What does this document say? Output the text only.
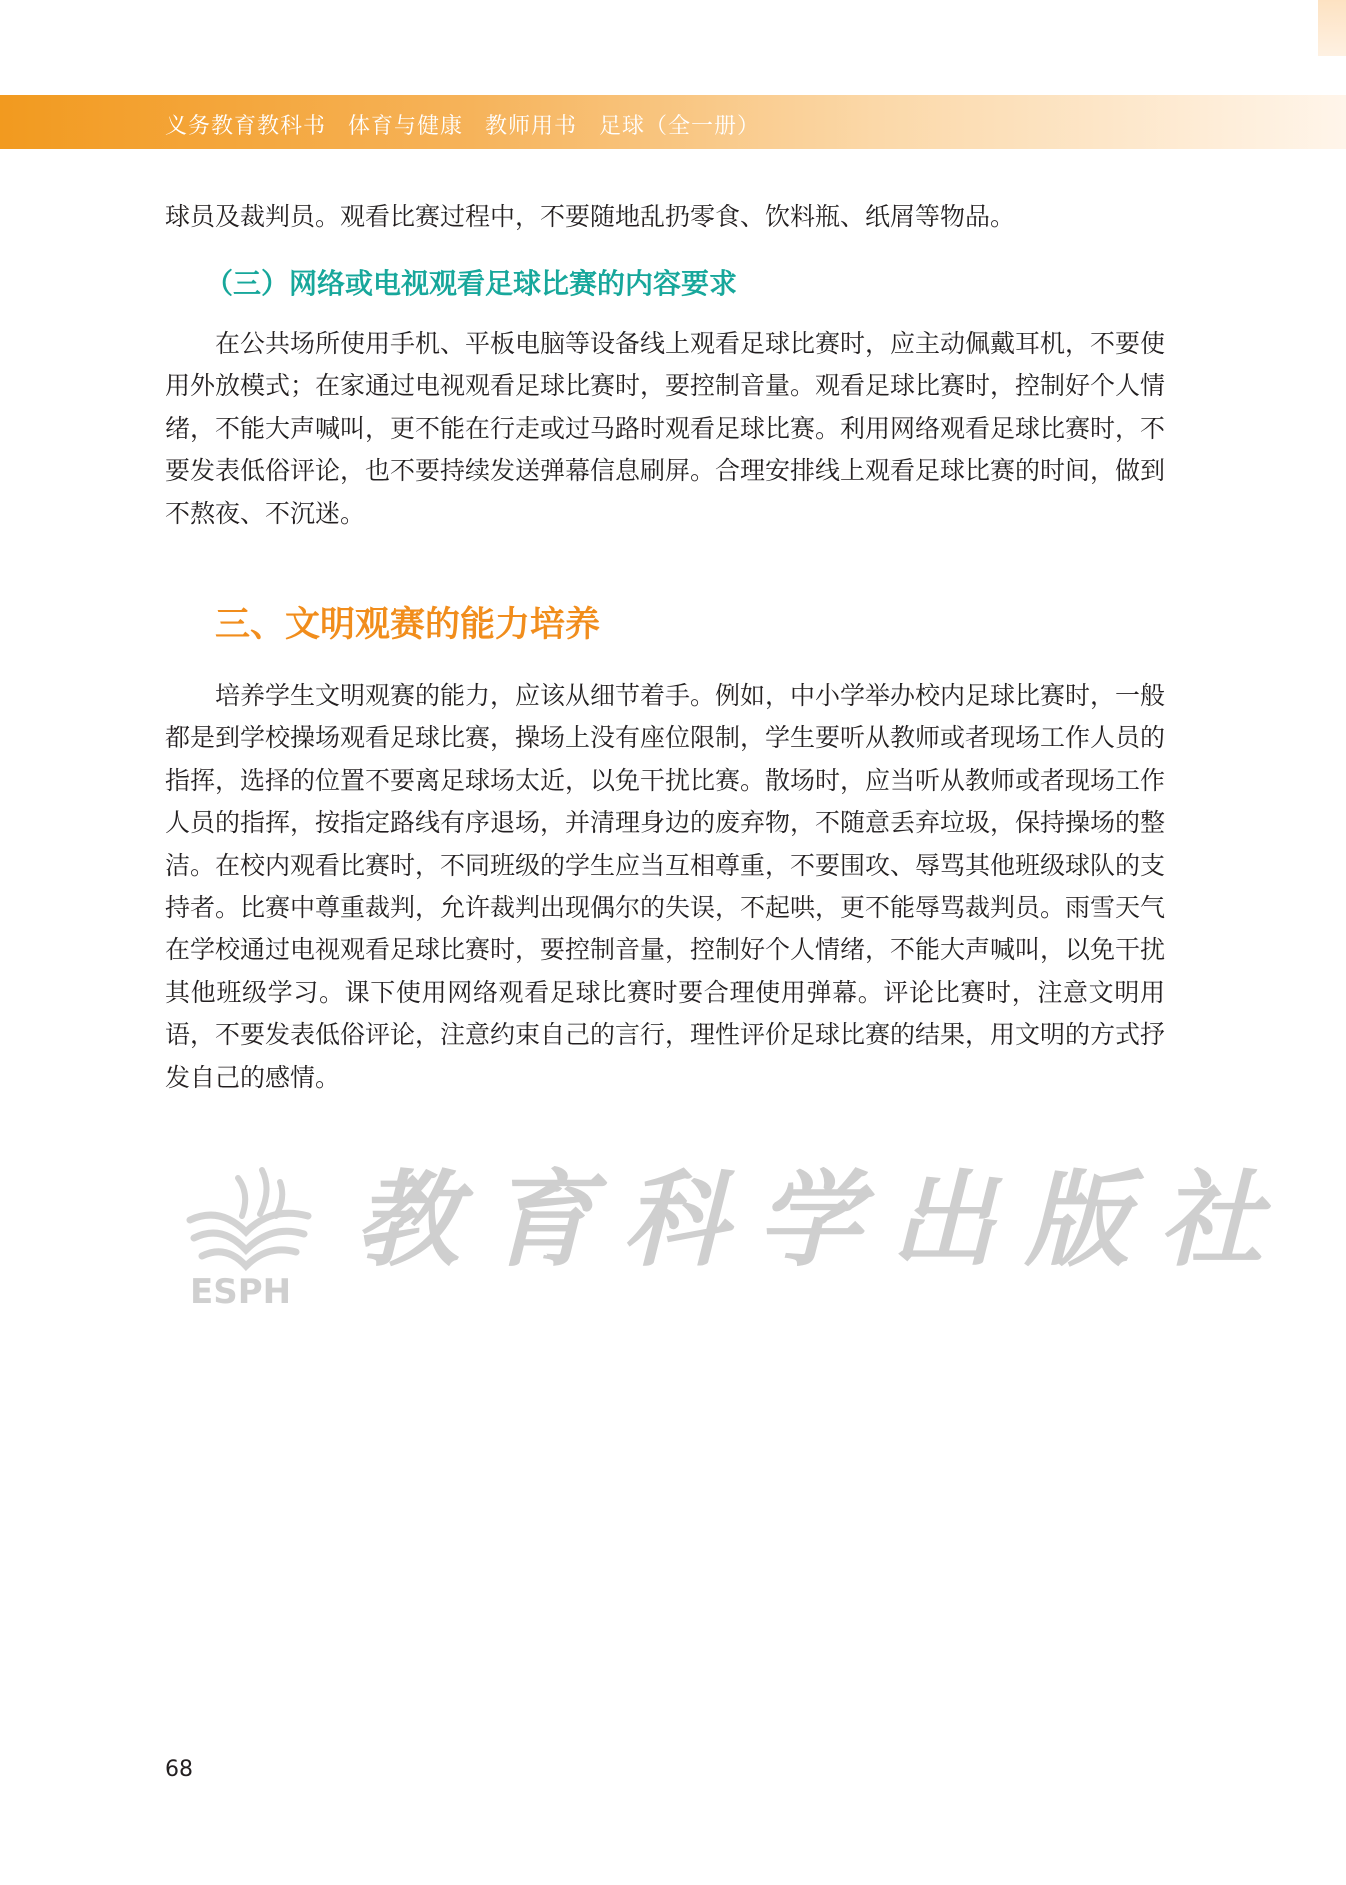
义务教育教科书 体育与健康 教师用书 足球（全一册）

球员及裁判员。观看比赛过程中，不要随地乱扔零食、饮料瓶、纸屑等物品。

（三）网络或电视观看足球比赛的内容要求

在公共场所使用手机、平板电脑等设备线上观看足球比赛时，应主动佩戴耳机，不要使用外放模式；在家通过电视观看足球比赛时，要控制音量。观看足球比赛时，控制好个人情绪，不能大声喊叫，更不能在行走或过马路时观看足球比赛。利用网络观看足球比赛时，不要发表低俗评论，也不要持续发送弹幕信息刷屏。合理安排线上观看足球比赛的时间，做到不熬夜、不沉迷。

三、文明观赛的能力培养

培养学生文明观赛的能力，应该从细节着手。例如，中小学举办校内足球比赛时，一般都是到学校操场观看足球比赛，操场上没有座位限制，学生要听从教师或者现场工作人员的指挥，选择的位置不要离足球场太近，以免干扰比赛。散场时，应当听从教师或者现场工作人员的指挥，按指定路线有序退场，并清理身边的废弃物，不随意丢弃垃圾，保持操场的整洁。在校内观看比赛时，不同班级的学生应当互相尊重，不要围攻、辱骂其他班级球队的支持者。比赛中尊重裁判，允许裁判出现偶尔的失误，不起哄，更不能辱骂裁判员。雨雪天气在学校通过电视观看足球比赛时，要控制音量，控制好个人情绪，不能大声喊叫，以免干扰其他班级学习。课下使用网络观看足球比赛时要合理使用弹幕。评论比赛时，注意文明用语，不要发表低俗评论，注意约束自己的言行，理性评价足球比赛的结果，用文明的方式抒发自己的感情。

ESPH
教育科学出版社
68
